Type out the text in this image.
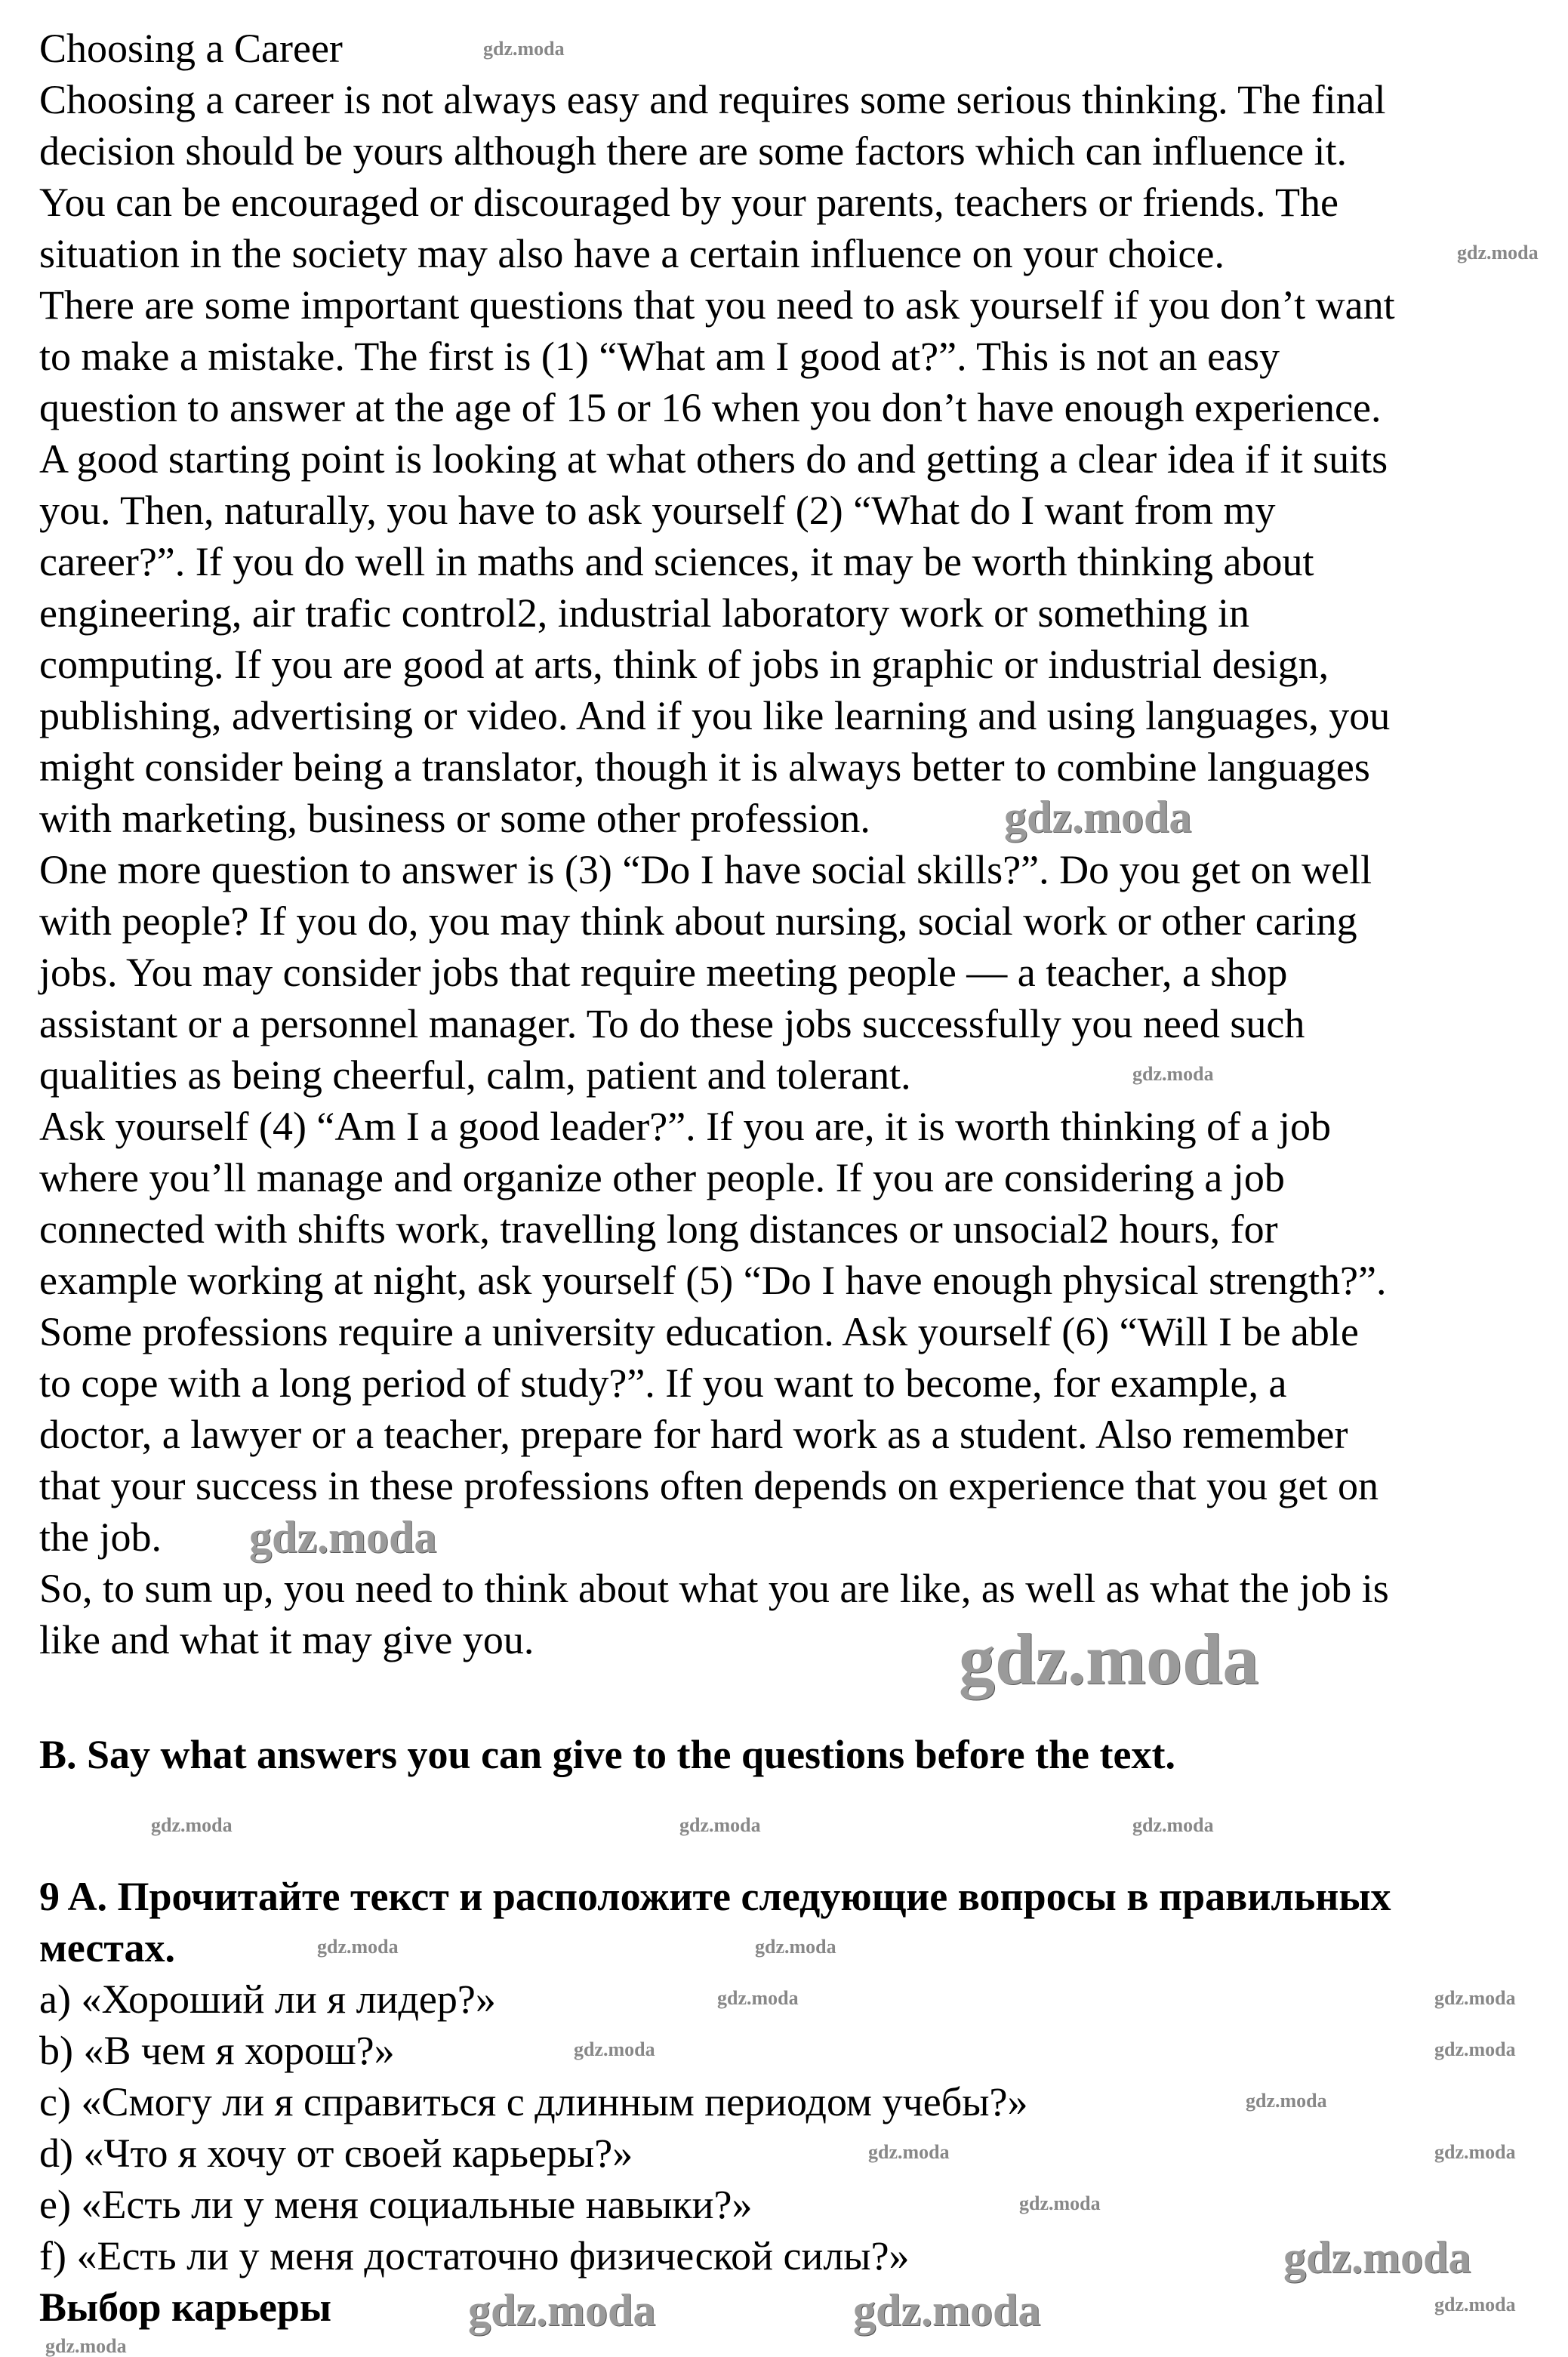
Choosing a Career
Choosing a career is not always easy and requires some serious thinking. The final
decision should be yours although there are some factors which can influence it.
You can be encouraged or discouraged by your parents, teachers or friends. The
situation in the society may also have a certain influence on your choice.
There are some important questions that you need to ask yourself if you don’t want
to make a mistake. The first is (1) “What am I good at?”. This is not an easy
question to answer at the age of 15 or 16 when you don’t have enough experience.
A good starting point is looking at what others do and getting a clear idea if it suits
you. Then, naturally, you have to ask yourself (2) “What do I want from my
career?”. If you do well in maths and sciences, it may be worth thinking about
engineering, air trafic control2, industrial laboratory work or something in
computing. If you are good at arts, think of jobs in graphic or industrial design,
publishing, advertising or video. And if you like learning and using languages, you
might consider being a translator, though it is always better to combine languages
with marketing, business or some other profession.
One more question to answer is (3) “Do I have social skills?”. Do you get on well
with people? If you do, you may think about nursing, social work or other caring
jobs. You may consider jobs that require meeting people — a teacher, a shop
assistant or a personnel manager. To do these jobs successfully you need such
qualities as being cheerful, calm, patient and tolerant.
Ask yourself (4) “Am I a good leader?”. If you are, it is worth thinking of a job
where you’ll manage and organize other people. If you are considering a job
connected with shifts work, travelling long distances or unsocial2 hours, for
example working at night, ask yourself (5) “Do I have enough physical strength?”.
Some professions require a university education. Ask yourself (6) “Will I be able
to cope with a long period of study?”. If you want to become, for example, a
doctor, a lawyer or a teacher, prepare for hard work as a student. Also remember
that your success in these professions often depends on experience that you get on
the job.
So, to sum up, you need to think about what you are like, as well as what the job is
like and what it may give you.
B. Say what answers you can give to the questions before the text.
9 A. Прочитайте текст и расположите следующие вопросы в правильных
местах.
a) «Хороший ли я лидер?»
b) «В чем я хорош?»
c) «Смогу ли я справиться с длинным периодом учебы?»
d) «Что я хочу от своей карьеры?»
e) «Есть ли у меня социальные навыки?»
f) «Есть ли у меня достаточно физической силы?»
Выбор карьеры
gdz.moda
gdz.moda
gdz.moda
gdz.moda
gdz.moda
gdz.moda
gdz.moda	gdz.moda	gdz.moda
gdz.moda	gdz.moda
gdz.moda
gdz.moda
gdz.moda
gdz.moda
gdz.moda
gdz.moda
gdz.moda	gdz.moda
gdz.moda
gdz.moda
gdz.moda
gdz.moda
gdz.moda
